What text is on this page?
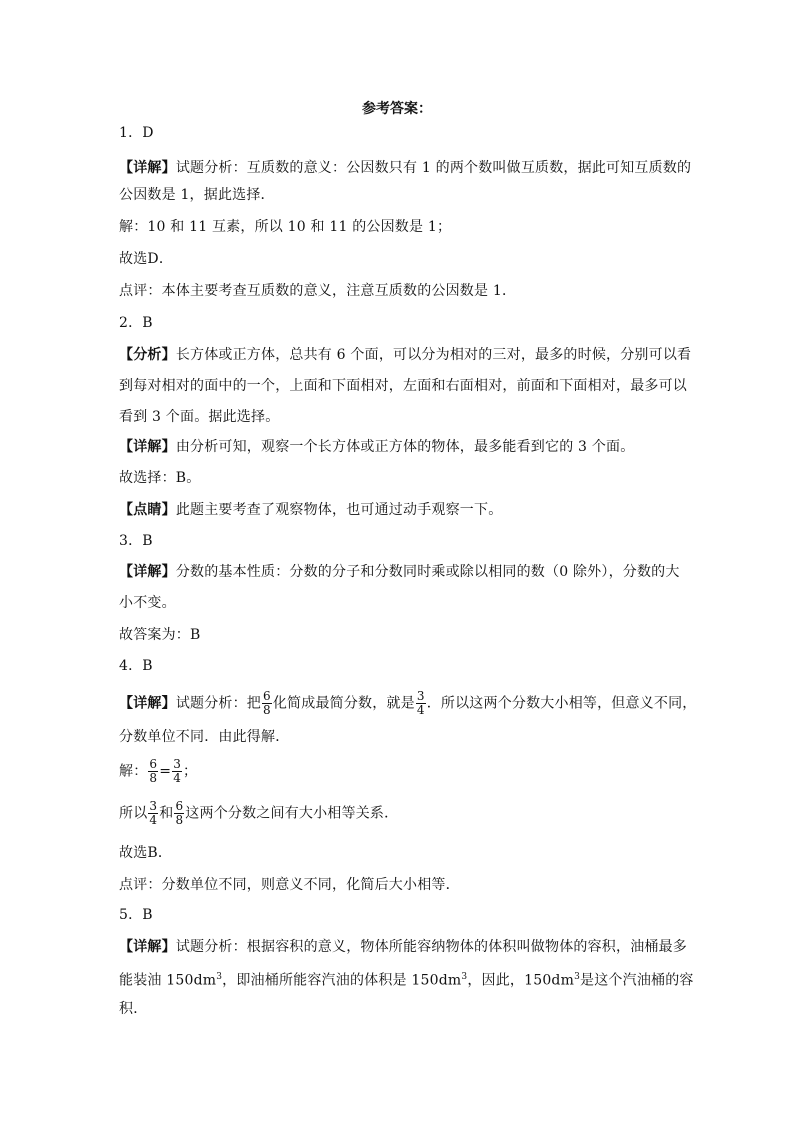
参考答案：
1．D
【详解】试题分析：互质数的意义：公因数只有 1 的两个数叫做互质数，据此可知互质数的
公因数是 1，据此选择．
解：10 和 11 互素，所以 10 和 11 的公因数是 1；
故选D．
点评：本体主要考查互质数的意义，注意互质数的公因数是 1．
2．B
【分析】长方体或正方体，总共有 6 个面，可以分为相对的三对，最多的时候，分别可以看
到每对相对的面中的一个，上面和下面相对，左面和右面相对，前面和下面相对，最多可以
看到 3 个面。据此选择。
【详解】由分析可知，观察一个长方体或正方体的物体，最多能看到它的 3 个面。
故选择：B。
【点睛】此题主要考查了观察物体，也可通过动手观察一下。
3．B
【详解】分数的基本性质：分数的分子和分数同时乘或除以相同的数（0 除外），分数的大
小不变。
故答案为：B
4．B
【详解】试题分析：把 $\frac{6}{8}$ 化简成最简分数，就是 $\frac{3}{4}$ ．所以这两个分数大小相等，但意义不同，
分数单位不同．由此得解．
解： $\frac{6}{8} = \frac{3}{4}$ ；
所以 $\frac{3}{4}$ 和 $\frac{6}{8}$ 这两个分数之间有大小相等关系．
故选B．
点评：分数单位不同，则意义不同，化简后大小相等．
5．B
【详解】试题分析：根据容积的意义，物体所能容纳物体的体积叫做物体的容积，油桶最多
能装油 $150dm^3$，即油桶所能容汽油的体积是 $150dm^3$，因此，$150dm^3$是这个汽油桶的容
积．
